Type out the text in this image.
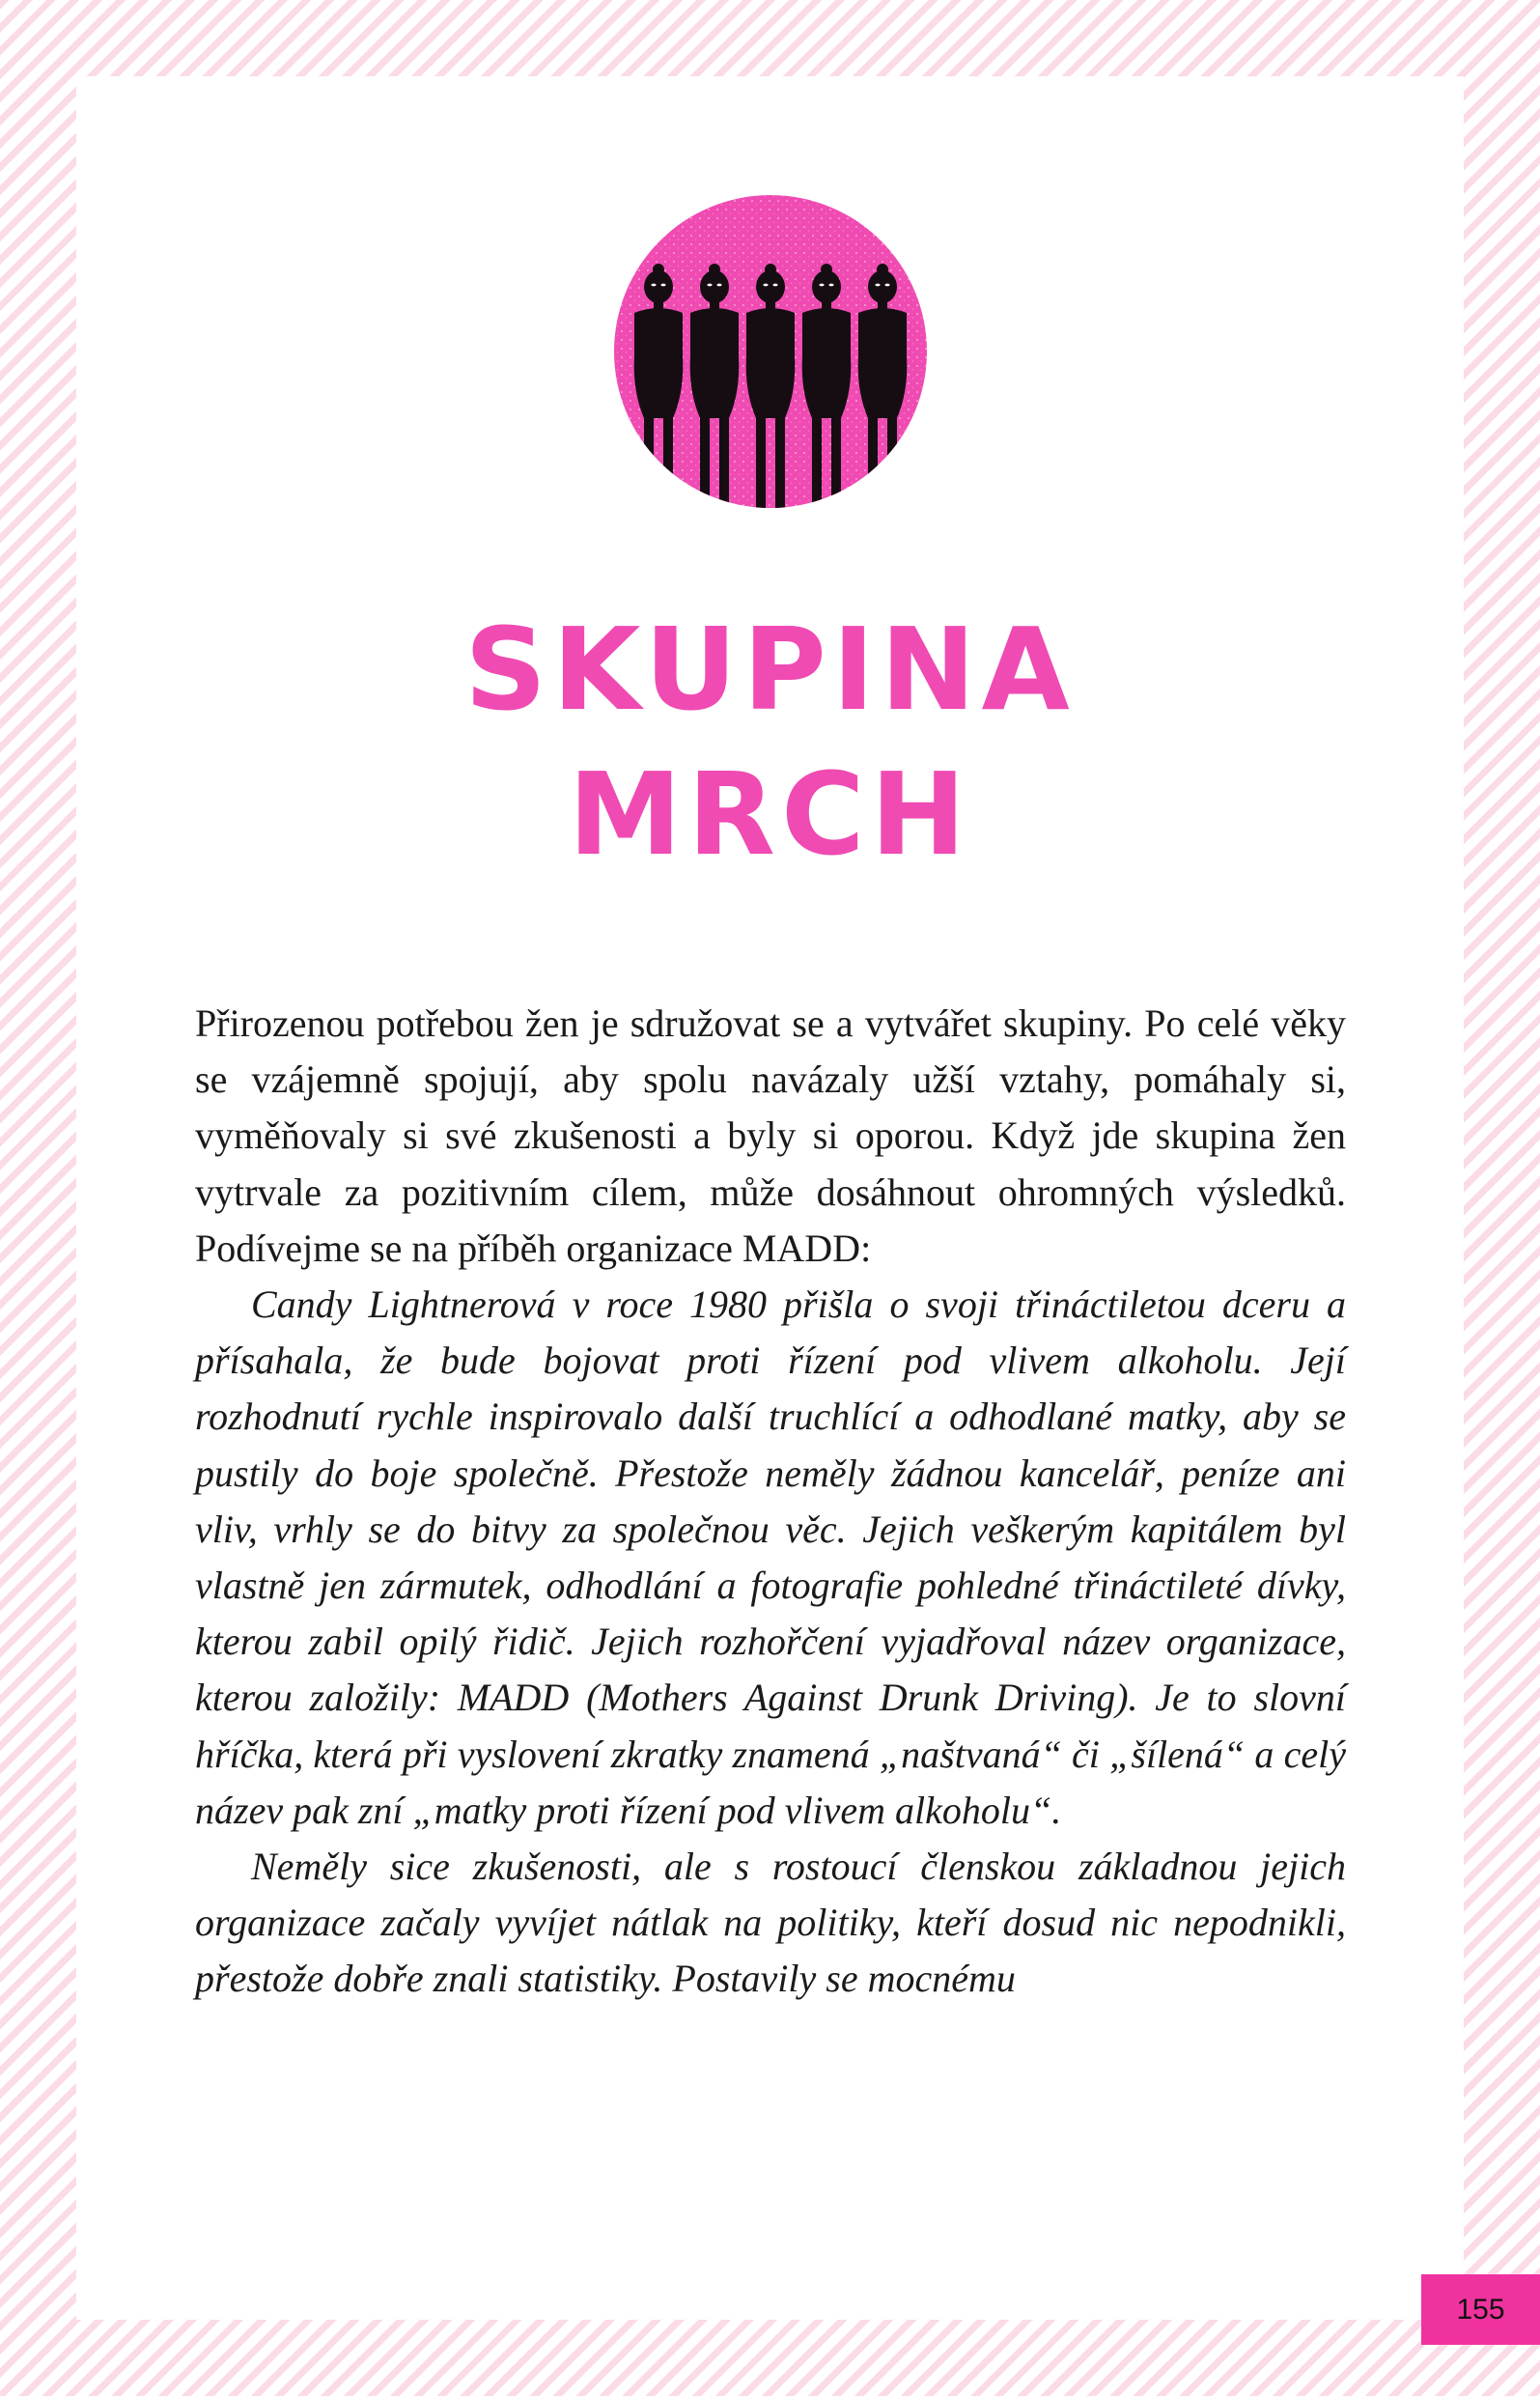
SKUPINA
MRCH

Přirozenou potřebou žen je sdružovat se a vytvářet skupiny. Po celé věky se vzájemně spojují, aby spolu navázaly užší vztahy, pomáhaly si, vyměňovaly si své zkušenosti a byly si oporou. Když jde skupina žen vytrvale za pozitivním cílem, může dosáhnout ohromných výsledků. Podívejme se na příběh organizace MADD:

Candy Lightnerová v roce 1980 přišla o svoji třináctiletou dceru a přísahala, že bude bojovat proti řízení pod vlivem alkoholu. Její rozhodnutí rychle inspirovalo další truchlící a odhodlané matky, aby se pustily do boje společně. Přestože neměly žádnou kancelář, peníze ani vliv, vrhly se do bitvy za společnou věc. Jejich veškerým kapitálem byl vlastně jen zármutek, odhodlání a fotografie pohledné třináctileté dívky, kterou zabil opilý řidič. Jejich rozhořčení vyjadřoval název organizace, kterou založily: MADD (Mothers Against Drunk Driving). Je to slovní hříčka, která při vyslovení zkratky znamená „naštvaná“ či „šílená“ a celý název pak zní „matky proti řízení pod vlivem alkoholu“.

Neměly sice zkušenosti, ale s rostoucí členskou základnou jejich organizace začaly vyvíjet nátlak na politiky, kteří dosud nic nepodnikli, přestože dobře znali statistiky. Postavily se mocnému

155
